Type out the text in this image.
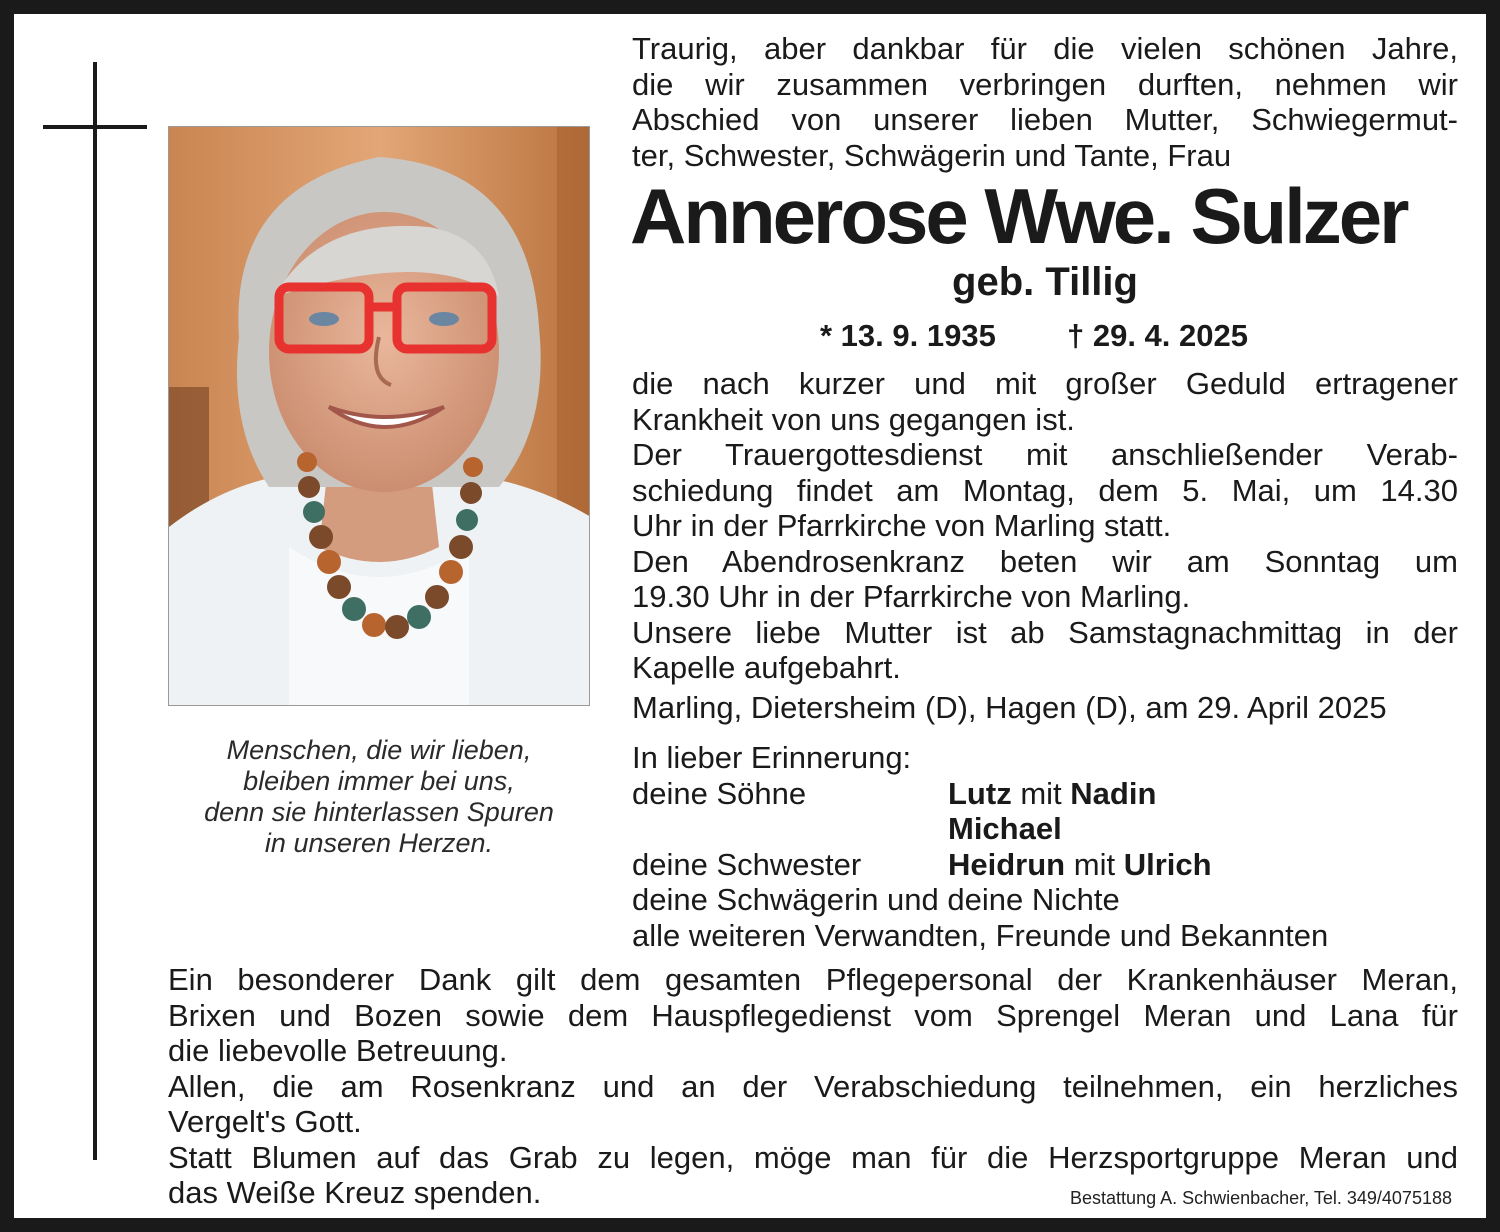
Menschen, die wir lieben,
bleiben immer bei uns,
denn sie hinterlassen Spuren
in unseren Herzen.
Traurig, aber dankbar für die vielen schönen Jahre,
die wir zusammen verbringen durften, nehmen wir
Abschied von unserer lieben Mutter, Schwiegermut-
ter, Schwester, Schwägerin und Tante, Frau
Annerose Wwe. Sulzer
geb. Tillig
* 13. 9. 1935 † 29. 4. 2025
die nach kurzer und mit großer Geduld ertragener
Krankheit von uns gegangen ist.
Der Trauergottesdienst mit anschließender Verab-
schiedung findet am Montag, dem 5. Mai, um 14.30
Uhr in der Pfarrkirche von Marling statt.
Den Abendrosenkranz beten wir am Sonntag um
19.30 Uhr in der Pfarrkirche von Marling.
Unsere liebe Mutter ist ab Samstagnachmittag in der
Kapelle aufgebahrt.
Marling, Dietersheim (D), Hagen (D), am 29. April 2025
In lieber Erinnerung:
deine Söhne	Lutz mit Nadin
Michael
deine Schwester	Heidrun mit Ulrich
deine Schwägerin und deine Nichte
alle weiteren Verwandten, Freunde und Bekannten
Ein besonderer Dank gilt dem gesamten Pflegepersonal der Krankenhäuser Meran,
Brixen und Bozen sowie dem Hauspflegedienst vom Sprengel Meran und Lana für
die liebevolle Betreuung.
Allen, die am Rosenkranz und an der Verabschiedung teilnehmen, ein herzliches
Vergelt's Gott.
Statt Blumen auf das Grab zu legen, möge man für die Herzsportgruppe Meran und
das Weiße Kreuz spenden.	Bestattung A. Schwienbacher, Tel. 349/4075188
